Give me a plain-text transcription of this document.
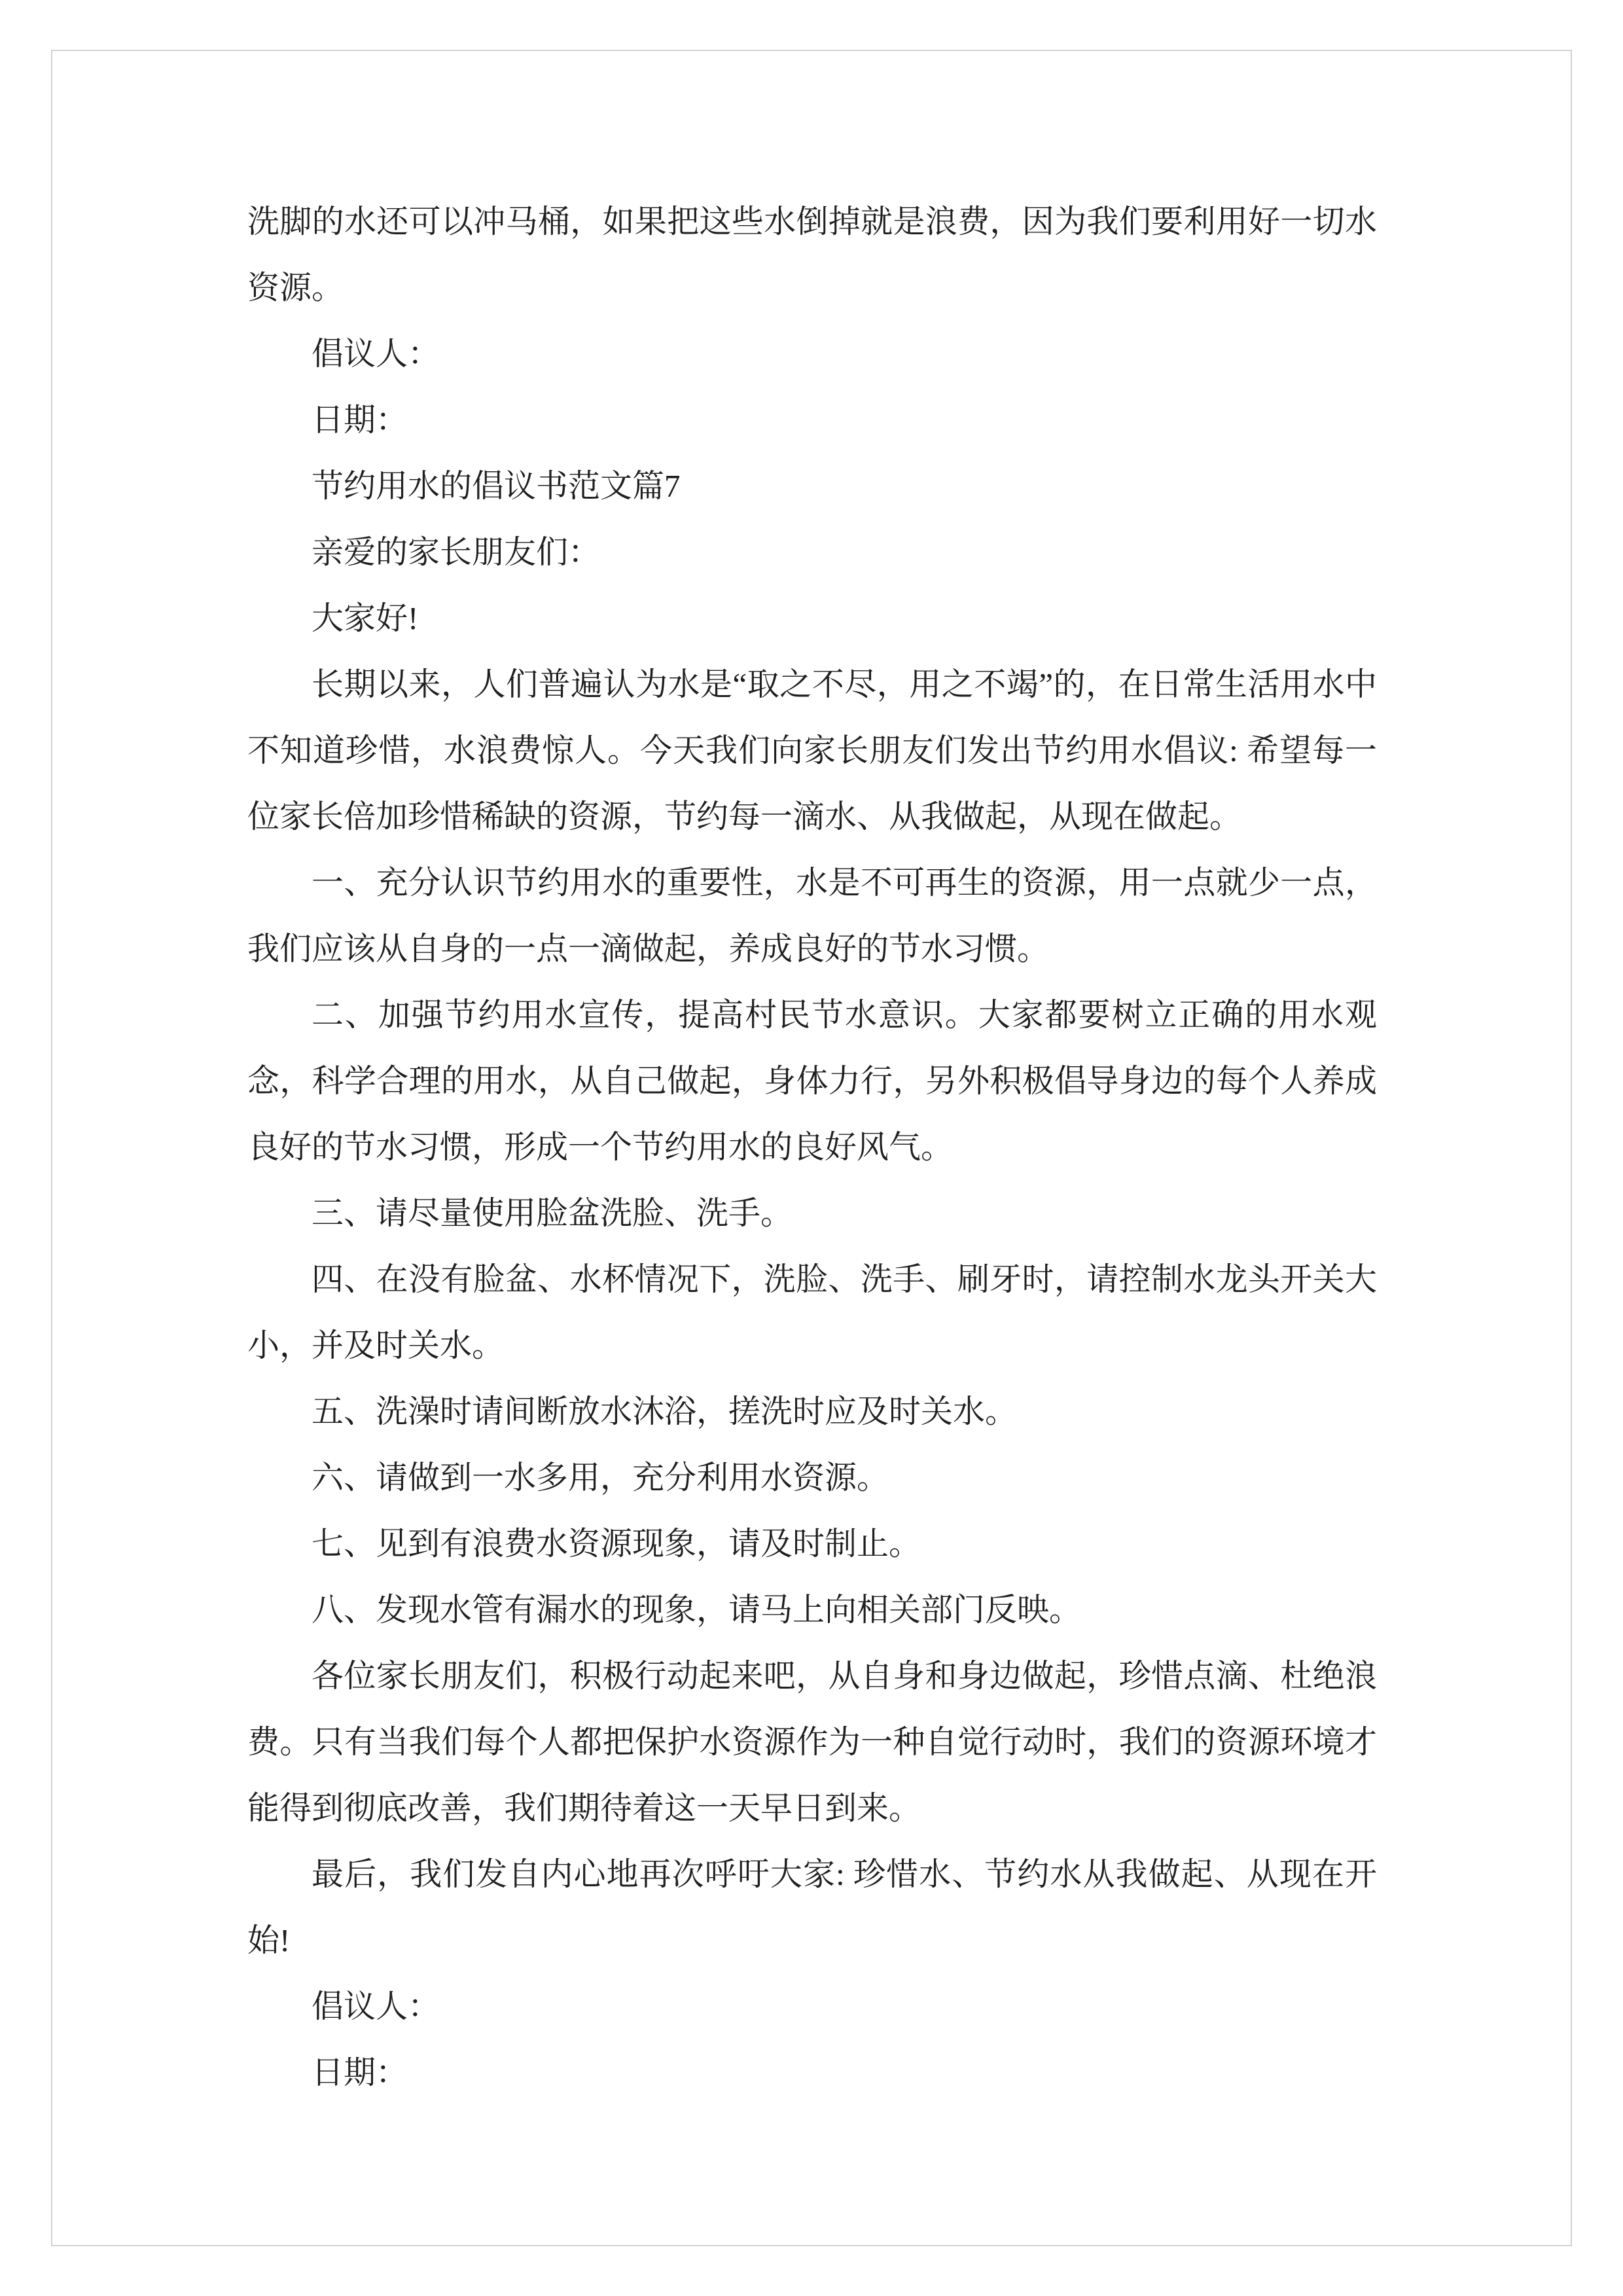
洗脚的水还可以冲马桶，如果把这些水倒掉就是浪费，因为我们要利用好一切水资源。

倡议人：

日期：

节约用水的倡议书范文篇7

亲爱的家长朋友们：

大家好!

长期以来，人们普遍认为水是“取之不尽，用之不竭”的，在日常生活用水中不知道珍惜，水浪费惊人。今天我们向家长朋友们发出节约用水倡议: 希望每一位家长倍加珍惜稀缺的资源，节约每一滴水、从我做起，从现在做起。

一、充分认识节约用水的重要性，水是不可再生的资源，用一点就少一点，我们应该从自身的一点一滴做起，养成良好的节水习惯。

二、加强节约用水宣传，提高村民节水意识。大家都要树立正确的用水观念，科学合理的用水，从自己做起，身体力行，另外积极倡导身边的每个人养成良好的节水习惯，形成一个节约用水的良好风气。

三、请尽量使用脸盆洗脸、洗手。

四、在没有脸盆、水杯情况下，洗脸、洗手、刷牙时，请控制水龙头开关大小，并及时关水。

五、洗澡时请间断放水沐浴，搓洗时应及时关水。

六、请做到一水多用，充分利用水资源。

七、见到有浪费水资源现象，请及时制止。

八、发现水管有漏水的现象，请马上向相关部门反映。

各位家长朋友们，积极行动起来吧，从自身和身边做起，珍惜点滴、杜绝浪费。只有当我们每个人都把保护水资源作为一种自觉行动时，我们的资源环境才能得到彻底改善，我们期待着这一天早日到来。

最后，我们发自内心地再次呼吁大家: 珍惜水、节约水从我做起、从现在开始!

倡议人：

日期：
